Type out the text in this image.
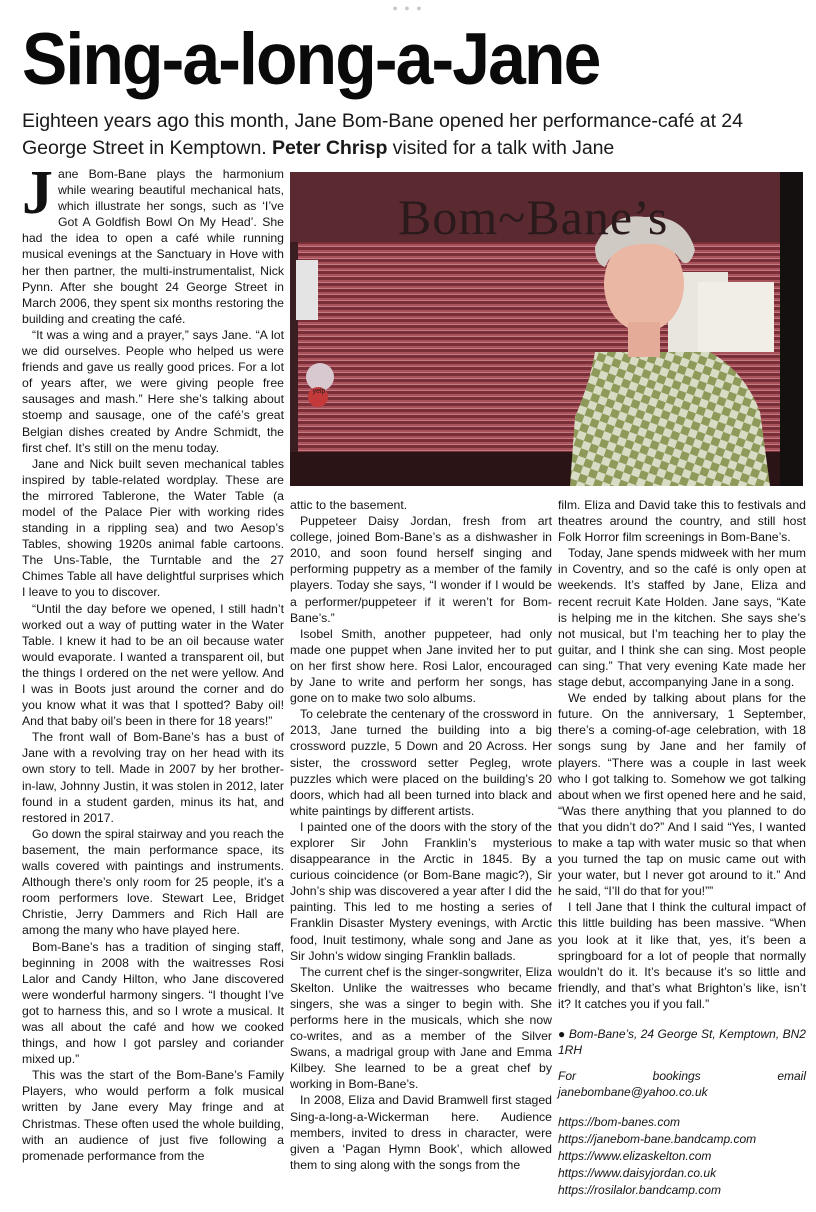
● ● ●
Sing-a-long-a-Jane

Eighteen years ago this month, Jane Bom-Bane opened her performance-café at 24 George Street in Kemptown. Peter Chrisp visited for a talk with Jane

Jane Bom-Bane plays the harmonium while wearing beautiful mechanical hats, which illustrate her songs, such as ‘I’ve Got A Goldfish Bowl On My Head’. She had the idea to open a café while running musical evenings at the Sanctuary in Hove with her then partner, the multi-instrumentalist, Nick Pynn. After she bought 24 George Street in March 2006, they spent six months restoring the building and creating the café.

“It was a wing and a prayer,” says Jane. “A lot we did ourselves. People who helped us were friends and gave us really good prices. For a lot of years after, we were giving people free sausages and mash.” Here she’s talking about stoemp and sausage, one of the café’s great Belgian dishes created by Andre Schmidt, the first chef. It’s still on the menu today.

Jane and Nick built seven mechanical tables inspired by table-related wordplay. These are the mirrored Tablerone, the Water Table (a model of the Palace Pier with working rides standing in a rippling sea) and two Aesop’s Tables, showing 1920s animal fable cartoons. The Uns-Table, the Turntable and the 27 Chimes Table all have delightful surprises which I leave to you to discover.

“Until the day before we opened, I still hadn’t worked out a way of putting water in the Water Table. I knew it had to be an oil because water would evaporate. I wanted a transparent oil, but the things I ordered on the net were yellow. And I was in Boots just around the corner and do you know what it was that I spotted? Baby oil! And that baby oil’s been in there for 18 years!”

The front wall of Bom-Bane’s has a bust of Jane with a revolving tray on her head with its own story to tell. Made in 2007 by her brother-in-law, Johnny Justin, it was stolen in 2012, later found in a student garden, minus its hat, and restored in 2017.

Go down the spiral stairway and you reach the basement, the main performance space, its walls covered with paintings and instruments. Although there’s only room for 25 people, it’s a room performers love. Stewart Lee, Bridget Christie, Jerry Dammers and Rich Hall are among the many who have played here.

Bom-Bane’s has a tradition of singing staff, beginning in 2008 with the waitresses Rosi Lalor and Candy Hilton, who Jane discovered were wonderful harmony singers. “I thought I’ve got to harness this, and so I wrote a musical. It was all about the café and how we cooked things, and how I got parsley and coriander mixed up.”

This was the start of the Bom-Bane’s Family Players, who would perform a folk musical written by Jane every May fringe and at Christmas. These often used the whole building, with an audience of just five following a promenade performance from the

Bom~Bane’s
yelp

attic to the basement.

Puppeteer Daisy Jordan, fresh from art college, joined Bom-Bane’s as a dishwasher in 2010, and soon found herself singing and performing puppetry as a member of the family players. Today she says, “I wonder if I would be a performer/puppeteer if it weren’t for Bom-Bane’s.”

Isobel Smith, another puppeteer, had only made one puppet when Jane invited her to put on her first show here. Rosi Lalor, encouraged by Jane to write and perform her songs, has gone on to make two solo albums.

To celebrate the centenary of the crossword in 2013, Jane turned the building into a big crossword puzzle, 5 Down and 20 Across. Her sister, the crossword setter Pegleg, wrote puzzles which were placed on the building’s 20 doors, which had all been turned into black and white paintings by different artists.

I painted one of the doors with the story of the explorer Sir John Franklin’s mysterious disappearance in the Arctic in 1845. By a curious coincidence (or Bom-Bane magic?), Sir John’s ship was discovered a year after I did the painting. This led to me hosting a series of Franklin Disaster Mystery evenings, with Arctic food, Inuit testimony, whale song and Jane as Sir John’s widow singing Franklin ballads.

The current chef is the singer-songwriter, Eliza Skelton. Unlike the waitresses who became singers, she was a singer to begin with. She performs here in the musicals, which she now co-writes, and as a member of the Silver Swans, a madrigal group with Jane and Emma Kilbey. She learned to be a great chef by working in Bom-Bane’s.

In 2008, Eliza and David Bramwell first staged Sing-a-long-a-Wickerman here. Audience members, invited to dress in character, were given a ‘Pagan Hymn Book’, which allowed them to sing along with the songs from the

film. Eliza and David take this to festivals and theatres around the country, and still host Folk Horror film screenings in Bom-Bane’s.

Today, Jane spends midweek with her mum in Coventry, and so the café is only open at weekends. It’s staffed by Jane, Eliza and recent recruit Kate Holden. Jane says, “Kate is helping me in the kitchen. She says she’s not musical, but I’m teaching her to play the guitar, and I think she can sing. Most people can sing.” That very evening Kate made her stage debut, accompanying Jane in a song.

We ended by talking about plans for the future. On the anniversary, 1 September, there’s a coming-of-age celebration, with 18 songs sung by Jane and her family of players. “There was a couple in last week who I got talking to. Somehow we got talking about when we first opened here and he said, “Was there anything that you planned to do that you didn’t do?” And I said “Yes, I wanted to make a tap with water music so that when you turned the tap on music came out with your water, but I never got around to it.” And he said, “I’ll do that for you!””

I tell Jane that I think the cultural impact of this little building has been massive. “When you look at it like that, yes, it’s been a springboard for a lot of people that normally wouldn’t do it. It’s because it’s so little and friendly, and that’s what Brighton’s like, isn’t it? It catches you if you fall.”

● Bom-Bane’s, 24 George St, Kemptown, BN2 1RH

For bookings email janebombane@yahoo.co.uk

https://bom-banes.com
https://janebom-bane.bandcamp.com
https://www.elizaskelton.com
https://www.daisyjordan.co.uk
https://rosilalor.bandcamp.com
